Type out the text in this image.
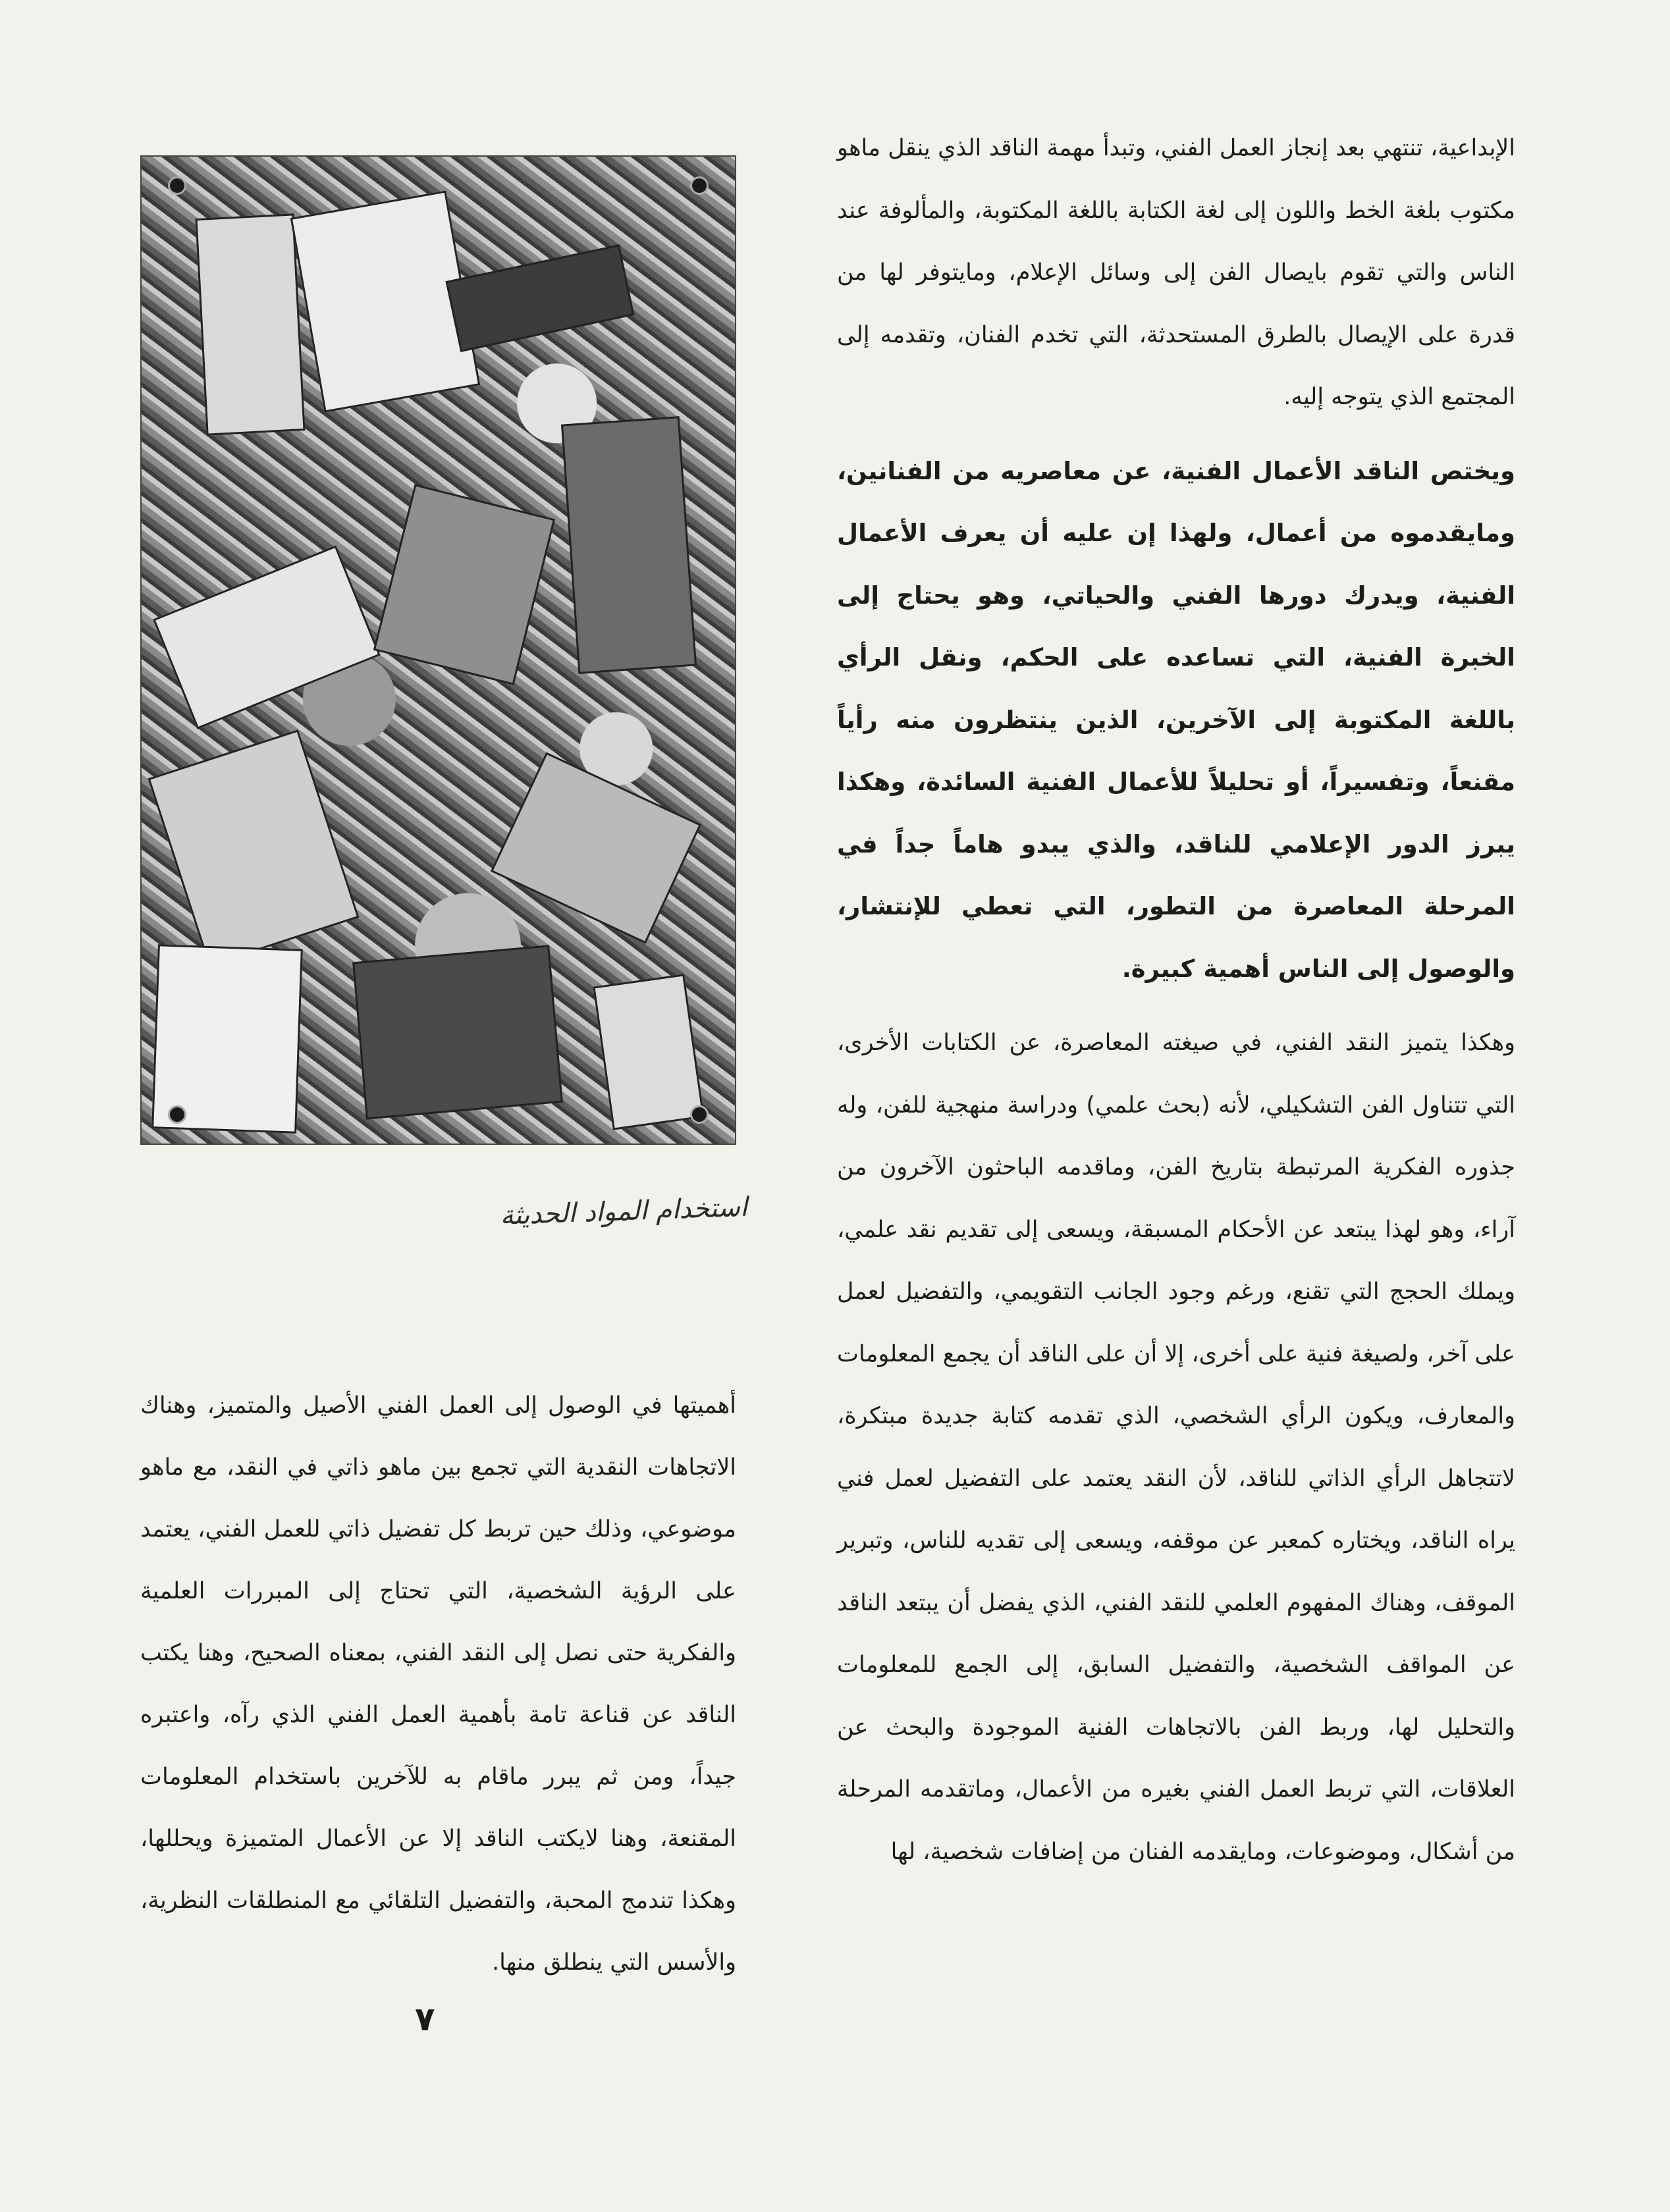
الإبداعية، تنتهي بعد إنجاز العمل الفني، وتبدأ مهمة الناقد الذي ينقل ماهو مكتوب بلغة الخط واللون إلى لغة الكتابة باللغة المكتوبة، والمألوفة عند الناس والتي تقوم بايصال الفن إلى وسائل الإعلام، ومايتوفر لها من قدرة على الإيصال بالطرق المستحدثة، التي تخدم الفنان، وتقدمه إلى المجتمع الذي يتوجه إليه.

ويختص الناقد الأعمال الفنية، عن معاصريه من الفنانين، ومايقدموه من أعمال، ولهذا إن عليه أن يعرف الأعمال الفنية، ويدرك دورها الفني والحياتي، وهو يحتاج إلى الخبرة الفنية، التي تساعده على الحكم، ونقل الرأي باللغة المكتوبة إلى الآخرين، الذين ينتظرون منه رأياً مقنعاً، وتفسيراً، أو تحليلاً للأعمال الفنية السائدة، وهكذا يبرز الدور الإعلامي للناقد، والذي يبدو هاماً جداً في المرحلة المعاصرة من التطور، التي تعطي للإنتشار، والوصول إلى الناس أهمية كبيرة.

وهكذا يتميز النقد الفني، في صيغته المعاصرة، عن الكتابات الأخرى، التي تتناول الفن التشكيلي، لأنه (بحث علمي) ودراسة منهجية للفن، وله جذوره الفكرية المرتبطة بتاريخ الفن، وماقدمه الباحثون الآخرون من آراء، وهو لهذا يبتعد عن الأحكام المسبقة، ويسعى إلى تقديم نقد علمي، ويملك الحجج التي تقنع، ورغم وجود الجانب التقويمي، والتفضيل لعمل على آخر، ولصيغة فنية على أخرى، إلا أن على الناقد أن يجمع المعلومات والمعارف، ويكون الرأي الشخصي، الذي تقدمه كتابة جديدة مبتكرة، لاتتجاهل الرأي الذاتي للناقد، لأن النقد يعتمد على التفضيل لعمل فني يراه الناقد، ويختاره كمعبر عن موقفه، ويسعى إلى تقديه للناس، وتبرير الموقف، وهناك المفهوم العلمي للنقد الفني، الذي يفضل أن يبتعد الناقد عن المواقف الشخصية، والتفضيل السابق، إلى الجمع للمعلومات والتحليل لها، وربط الفن بالاتجاهات الفنية الموجودة والبحث عن العلاقات، التي تربط العمل الفني بغيره من الأعمال، وماتقدمه المرحلة من أشكال، وموضوعات، ومايقدمه الفنان من إضافات شخصية، لها

استخدام المواد الحديثة

أهميتها في الوصول إلى العمل الفني الأصيل والمتميز، وهناك الاتجاهات النقدية التي تجمع بين ماهو ذاتي في النقد، مع ماهو موضوعي، وذلك حين تربط كل تفضيل ذاتي للعمل الفني، يعتمد على الرؤية الشخصية، التي تحتاج إلى المبررات العلمية والفكرية حتى نصل إلى النقد الفني، بمعناه الصحيح، وهنا يكتب الناقد عن قناعة تامة بأهمية العمل الفني الذي رآه، واعتبره جيداً، ومن ثم يبرر ماقام به للآخرين باستخدام المعلومات المقنعة، وهنا لايكتب الناقد إلا عن الأعمال المتميزة ويحللها، وهكذا تندمج المحبة، والتفضيل التلقائي مع المنطلقات النظرية، والأسس التي ينطلق منها.

٧
